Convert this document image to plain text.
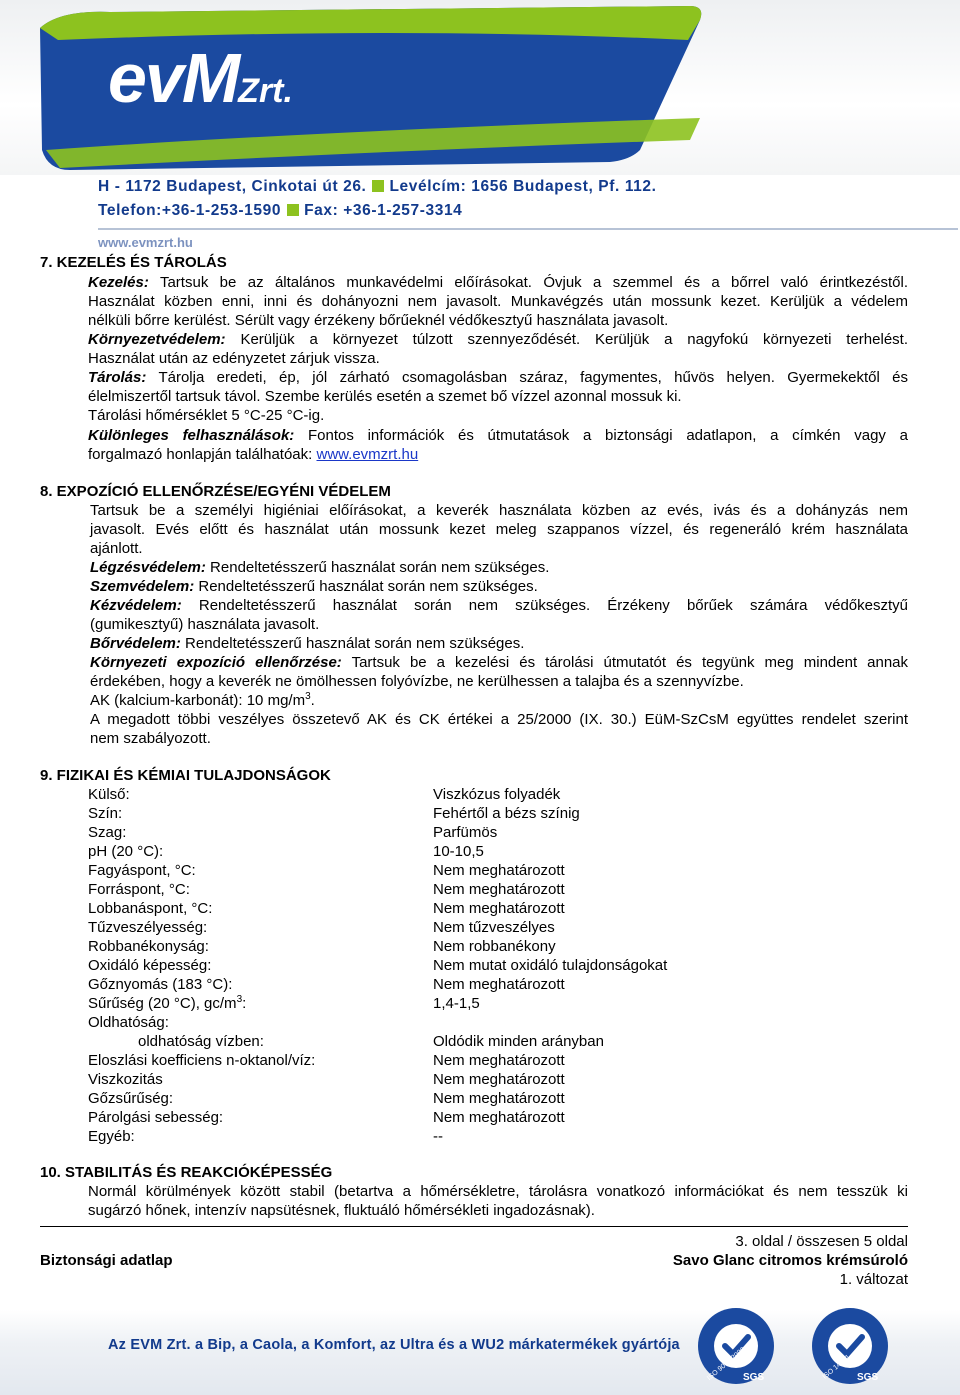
evMZrt.
H - 1172 Budapest, Cinkotai út 26. Levélcím: 1656 Budapest, Pf. 112.
Telefon:+36-1-253-1590 Fax: +36-1-257-3314
www.evmzrt.hu
7. KEZELÉS ÉS TÁROLÁS
Kezelés: Tartsuk be az általános munkavédelmi előírásokat. Óvjuk a szemmel és a bőrrel való érintkezéstől.
Használat közben enni, inni és dohányozni nem javasolt. Munkavégzés után mossunk kezet. Kerüljük a védelem
nélküli bőrre kerülést. Sérült vagy érzékeny bőrűeknél védőkesztyű használata javasolt.
Környezetvédelem: Kerüljük a környezet túlzott szennyeződését. Kerüljük a nagyfokú környezeti terhelést.
Használat után az edényzetet zárjuk vissza.
Tárolás: Tárolja eredeti, ép, jól zárható csomagolásban száraz, fagymentes, hűvös helyen. Gyermekektől és
élelmiszertől tartsuk távol. Szembe kerülés esetén a szemet bő vízzel azonnal mossuk ki.
Tárolási hőmérséklet 5 °C-25 °C-ig.
Különleges felhasználások: Fontos információk és útmutatások a biztonsági adatlapon, a címkén vagy a
forgalmazó honlapján találhatóak: www.evmzrt.hu
8. EXPOZÍCIÓ ELLENŐRZÉSE/EGYÉNI VÉDELEM
Tartsuk be a személyi higiéniai előírásokat, a keverék használata közben az evés, ivás és a dohányzás nem
javasolt. Evés előtt és használat után mossunk kezet meleg szappanos vízzel, és regeneráló krém használata
ajánlott.
Légzésvédelem: Rendeltetésszerű használat során nem szükséges.
Szemvédelem: Rendeltetésszerű használat során nem szükséges.
Kézvédelem: Rendeltetésszerű használat során nem szükséges. Érzékeny bőrűek számára védőkesztyű
(gumikesztyű) használata javasolt.
Bőrvédelem: Rendeltetésszerű használat során nem szükséges.
Környezeti expozíció ellenőrzése: Tartsuk be a kezelési és tárolási útmutatót és tegyünk meg mindent annak
érdekében, hogy a keverék ne ömölhessen folyóvízbe, ne kerülhessen a talajba és a szennyvízbe.
AK (kalcium-karbonát): 10 $mg/m^3$.
A megadott többi veszélyes összetevő AK és CK értékei a 25/2000 (IX. 30.) EüM-SzCsM együttes rendelet szerint
nem szabályozott.
9. FIZIKAI ÉS KÉMIAI TULAJDONSÁGOK
Külső:	Viszkózus folyadék
Szín:	Fehértől a bézs színig
Szag:	Parfümös
pH (20 °C):	10-10,5
Fagyáspont, °C:	Nem meghatározott
Forráspont, °C:	Nem meghatározott
Lobbanáspont, °C:	Nem meghatározott
Tűzveszélyesség:	Nem tűzveszélyes
Robbanékonyság:	Nem robbanékony
Oxidáló képesség:	Nem mutat oxidáló tulajdonságokat
Gőznyomás (183 °C):	Nem meghatározott
Sűrűség (20 °C), $gc/m^3$:	1,4-1,5
Oldhatóság:
oldhatóság vízben:	Oldódik minden arányban
Eloszlási koefficiens n-oktanol/víz:	Nem meghatározott
Viszkozitás	Nem meghatározott
Gőzsűrűség:	Nem meghatározott
Párolgási sebesség:	Nem meghatározott
Egyéb:	--
10. STABILITÁS ÉS REAKCIÓKÉPESSÉG
Normál körülmények között stabil (betartva a hőmérsékletre, tárolásra vonatkozó információkat és nem tesszük ki
sugárzó hőnek, intenzív napsütésnek, fluktuáló hőmérsékleti ingadozásnak).
3. oldal / összesen 5 oldal
Biztonsági adatlap	Savo Glanc citromos krémsúroló
1. változat
Az EVM Zrt. a Bip, a Caola, a Komfort, az Ultra és a WU2 márkatermékek gyártója
ISO 9001:2000
SGS	ISO 14001 SGS
